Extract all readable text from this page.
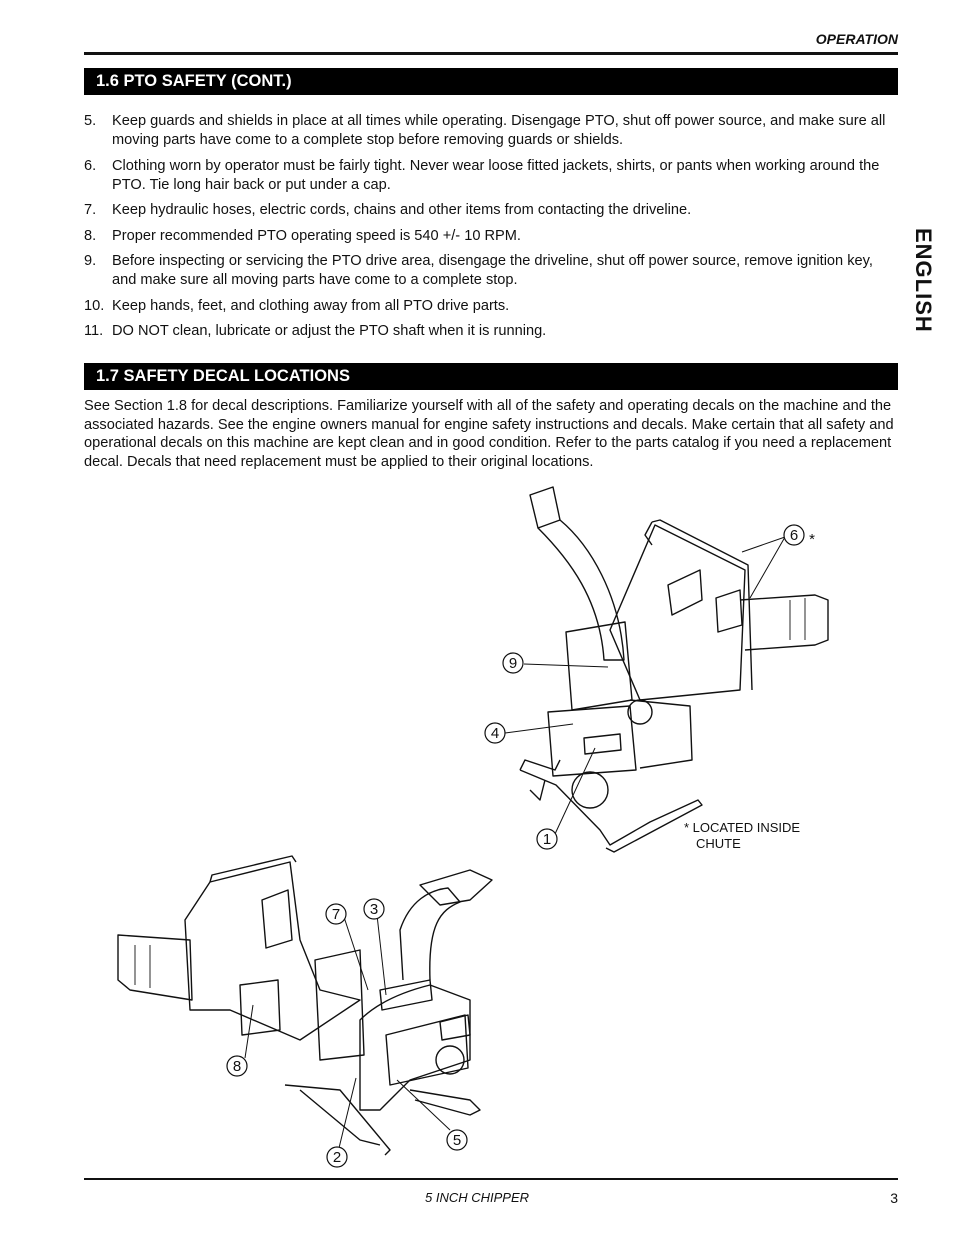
OPERATION
ENGLISH
1.6 PTO SAFETY (CONT.)
5. Keep guards and shields in place at all times while operating. Disengage PTO, shut off power source, and make sure all moving parts have come to a complete stop before removing guards or shields.
6. Clothing worn by operator must be fairly tight. Never wear loose fitted jackets, shirts, or pants when working around the PTO. Tie long hair back or put under a cap.
7. Keep hydraulic hoses, electric cords, chains and other items from contacting the driveline.
8. Proper recommended PTO operating speed is 540 +/- 10 RPM.
9. Before inspecting or servicing the PTO drive area, disengage the driveline, shut off power source, remove ignition key, and make sure all moving parts have come to a complete stop.
10. Keep hands, feet, and clothing away from all PTO drive parts.
11. DO NOT clean, lubricate or adjust the PTO shaft when it is running.
1.7 SAFETY DECAL LOCATIONS

See Section 1.8 for decal descriptions. Familiarize yourself with all of the safety and operating decals on the machine and the associated hazards. See the engine owners manual for engine safety instructions and decals. Make certain that all safety and operational decals on this machine are kept clean and in good condition. Refer to the parts catalog if you need a replacement decal. Decals that need replacement must be applied to their original locations.

6 *
9
4
1
7 3
8
5
2
* LOCATED INSIDE
CHUTE
5 INCH CHIPPER	3
